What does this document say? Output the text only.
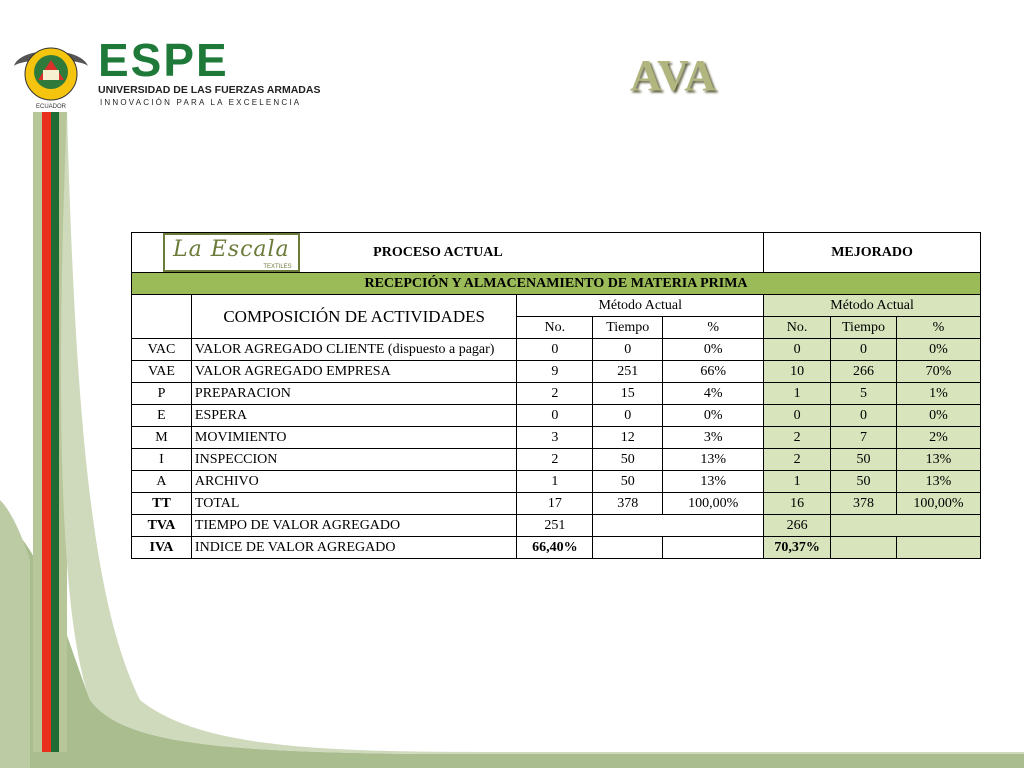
ECUADOR
ESPE
UNIVERSIDAD DE LAS FUERZAS ARMADAS
INNOVACIÓN PARA LA EXCELENCIA
AVA
La Escala
TEXTILES
PROCESO ACTUAL					MEJORADO		
RECEPCIÓN Y ALMACENAMIENTO DE MATERIA PRIMA							
	COMPOSICIÓN DE ACTIVIDADES	Método Actual			Método Actual		
		No.	Tiempo	%	No.	Tiempo	%
VAC	VALOR AGREGADO CLIENTE (dispuesto a pagar)	0	0	0%	0	0	0%
VAE	VALOR AGREGADO EMPRESA	9	251	66%	10	266	70%
P	PREPARACION	2	15	4%	1	5	1%
E	ESPERA	0	0	0%	0	0	0%
M	MOVIMIENTO	3	12	3%	2	7	2%
I	INSPECCION	2	50	13%	2	50	13%
A	ARCHIVO	1	50	13%	1	50	13%
TT	TOTAL	17	378	100,00%	16	378	100,00%
TVA	TIEMPO DE VALOR AGREGADO	251			266		
IVA	INDICE DE VALOR AGREGADO	66,40%			70,37%		
